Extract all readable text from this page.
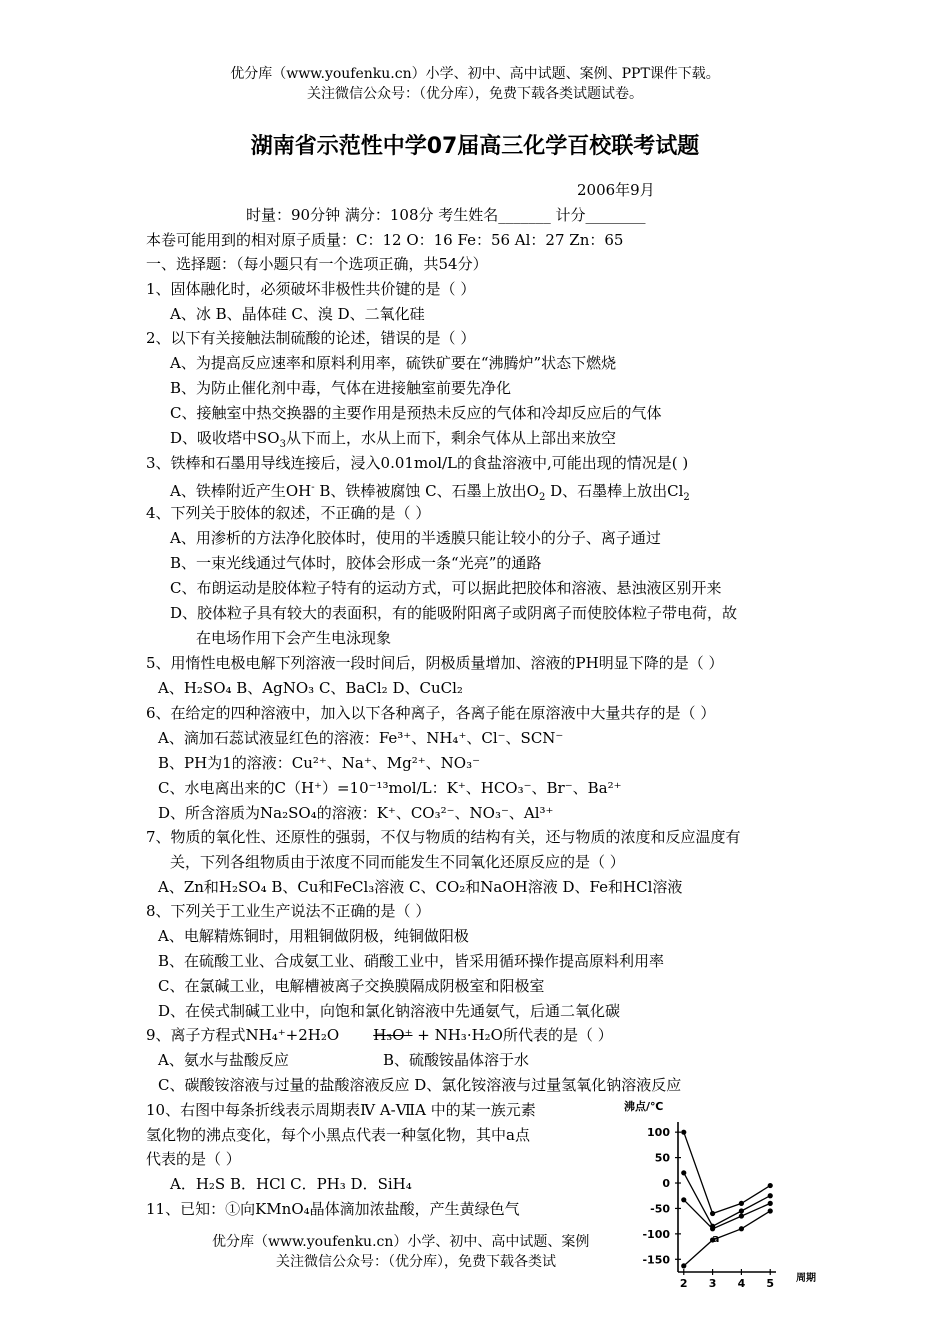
优分库（www.youfenku.cn）小学、初中、高中试题、案例、PPT课件下载。
关注微信公众号：（优分库），免费下载各类试题试卷。
湖南省示范性中学07届高三化学百校联考试题
2006年9月
时量：90分钟 满分：108分 考生姓名_______ 计分________
本卷可能用到的相对原子质量：C：12 O：16 Fe：56 Al：27 Zn：65
一、选择题：（每小题只有一个选项正确，共54分）
1、固体融化时，必须破坏非极性共价键的是（ ）
A、冰 B、晶体硅 C、溴 D、二氧化硅
2、以下有关接触法制硫酸的论述，错误的是（ ）
A、为提高反应速率和原料利用率，硫铁矿要在“沸腾炉”状态下燃烧
B、为防止催化剂中毒，气体在进接触室前要先净化
C、接触室中热交换器的主要作用是预热未反应的气体和冷却反应后的气体
D、吸收塔中$SO_3$从下而上，水从上而下，剩余气体从上部出来放空
3、铁棒和石墨用导线连接后，浸入0.01mol/L的食盐溶液中,可能出现的情况是( )
A、铁棒附近产生OH- B、铁棒被腐蚀 C、石墨上放出$O_2$ D、石墨棒上放出$Cl_2$
4、下列关于胶体的叙述，不正确的是（ ）
A、用渗析的方法净化胶体时，使用的半透膜只能让较小的分子、离子通过
B、一束光线通过气体时，胶体会形成一条“光亮”的通路
C、布朗运动是胶体粒子特有的运动方式，可以据此把胶体和溶液、悬浊液区别开来
D、胶体粒子具有较大的表面积，有的能吸附阳离子或阴离子而使胶体粒子带电荷，故
在电场作用下会产生电泳现象
5、用惰性电极电解下列溶液一段时间后，阴极质量增加、溶液的PH明显下降的是（ ）
A、H₂SO₄ B、AgNO₃ C、BaCl₂ D、CuCl₂
6、在给定的四种溶液中，加入以下各种离子，各离子能在原溶液中大量共存的是（ ）
A、滴加石蕊试液显红色的溶液：Fe³⁺、NH₄⁺、Cl⁻、SCN⁻
B、PH为1的溶液：Cu²⁺、Na⁺、Mg²⁺、NO₃⁻
C、水电离出来的C（H⁺）=10⁻¹³mol/L：K⁺、HCO₃⁻、Br⁻、Ba²⁺
D、所含溶质为Na₂SO₄的溶液：K⁺、CO₃²⁻、NO₃⁻、Al³⁺
7、物质的氧化性、还原性的强弱，不仅与物质的结构有关，还与物质的浓度和反应温度有
关，下列各组物质由于浓度不同而能发生不同氧化还原反应的是（ ）
A、Zn和H₂SO₄ B、Cu和FeCl₃溶液 C、CO₂和NaOH溶液 D、Fe和HCl溶液
8、下列关于工业生产说法不正确的是（ ）
A、电解精炼铜时，用粗铜做阴极，纯铜做阳极
B、在硫酸工业、合成氨工业、硝酸工业中，皆采用循环操作提高原料利用率
C、在氯碱工业，电解槽被离子交换膜隔成阴极室和阳极室
D、在侯式制碱工业中，向饱和氯化钠溶液中先通氨气，后通二氧化碳
9、离子方程式NH₄⁺+2H₂O H₃O⁺ + NH₃·H₂O所代表的是（ ）
A、氨水与盐酸反应	B、硫酸铵晶体溶于水
C、碳酸铵溶液与过量的盐酸溶液反应 D、氯化铵溶液与过量氢氧化钠溶液反应
10、右图中每条折线表示周期表Ⅳ A-ⅦA 中的某一族元素
氢化物的沸点变化，每个小黑点代表一种氢化物，其中a点
代表的是（ ）
A．H₂S B．HCl C．PH₃ D．SiH₄
11、已知：①向KMnO₄晶体滴加浓盐酸，产生黄绿色气
优分库（www.youfenku.cn）小学、初中、高中试题、案例
关注微信公众号：（优分库），免费下载各类试
100
50
0
-50
-100
-150
2 3 4 5
沸点/℃
周期
a
